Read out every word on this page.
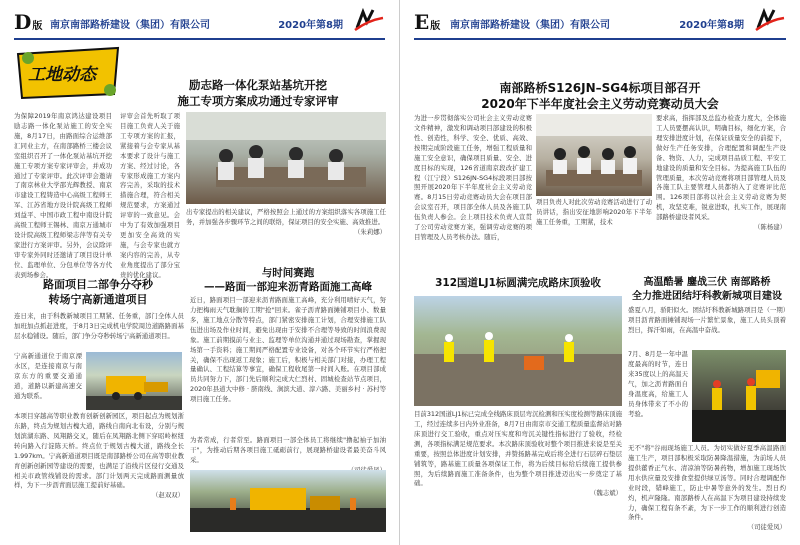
D版 南京南部路桥建设（集团）有限公司	2020年第8期
工地动态	励志路一体化泵站基坑开挖
施工专项方案成功通过专家评审
为保障2019年南京鸿达建设项目励志路一体化泵站施工的安全实施，8月17日，由路面综合运维部汇同业主方，在南部路桥三楼会议室组织召开了一体化泵站基坑开挖施工专项方案专家评审会，并成功通过了专家评审。此次评审会邀请了南京林业大学邵光辉教授、南京市建设工程铸造中心高级工程师王军、江苏省地方设计院高级工程师刘益平、中国市政工程中南设计院高级工程师王锡林、南京万通城市设计院高级工程师梁志萍等有关专家进行方案评审。另外，会议除评审专家外同时还邀请了项目设计单位、监理单位、分包单位等各方代表到场参会。
评审会首先听取了项目施工负责人关于施工专项方案的汇报，紧接着与会专家从基本要求了设计与施工方案、经过讨论，各专家形成施工方案内容完善，采取的技术措施合理，符合相关规范要求，方案通过评审的一致意见。会中为了有效加强项目更加安全高效的实施，与会专家也就方案内容的完善，从专业角度提出了部分宝贵的优化建议。
出专家提出的相关建议，严格按照会上通过的方案组织落实各项施工任务，并加强各步骤环节之间的联络，保证项目的安全实施、高效推进。
（朱莉娜）
路面项目二部争分夺秒
转场宁高新通道项目
连日来，由于科教新城项目工期紧、任务重，部门全体人员加班加点抓赶进度，于8月3日完成机电学院周边道路路面基层水稳铺设。随后，部门争分夺秒转场宁高新通道项目。
宁高新通道位于南京溧水区，是连接南京与南京东方的重要交通通道，道路以新建高速交通为联系。
本项目穿越高等职业教育创新创新园区，项目起点为规划浙东路，终点为规划古槐大道，路线自南向北布设，分别与规划滨湖东路、凤翔路交叉，随后在凤翔路北侧下穿昭岭枢纽转向路入行淀陈天桥。终点位于规划古槐大道，路线全长 1.997km。宁高新通道项目既是南部路桥公司在高等职业教育创新创新园等建设的需要，也满足了沿线片区侵行交通及相关市政管线铺设的需求。部门计划两天完成路面测量放样，为下一步沥青面层施工提前好基础。
（赵双双）
与时间赛跑
——路面一部迎来沥青路面施工高峰
近日，路面项目一部迎来沥青路面施工高峰，充分利用晴好天气，努力把梅雨天气耽搁的工期"抢"回来。雀子沥青路面摊铺项目小、数量多，施工地点分散等特点，部门紧密安排施工计划，合理安排施工队伍进出场及作业时间，避免出现由于安排不合理等导致的时间浪费现象。施工前期摸前与业主、监理等单位沟通并通过现场勘查，掌握现场第一手资料；施工期间严格配置专业设备，对各个环节实行严格把关，确保不出现返工现象；施工后，积极与相关部门对接，办理工程量确认、工程结算等事宜，确保工程收尾第一时间入账。在项目部成员共同努力下，部门先后顺利完成大仁烈村、固城检查站节点项目，2020年县道大中修 · 脐南线、涧滨大道、淳六路、美丽乡村 · 苏村等项目施工任务。
为者常成，行者常至。路面项目一部全体员工将继续"撸起袖子加油干"，为推动后期各项目施工砥砺前行，展现路桥建设者最美奋斗风采。
E版 南京南部路桥建设（集团）有限公司	2020年第8期
南部路桥S126JN–SG4标项目部召开
2020年下半年度社会主义劳动竞赛动员大会
为进一步贯彻落实公司社会主义劳动竞赛文件精神，激发和调动项目部建设的积极性、创造性，科学、安全、优质、高效、按期完成阶段施工任务，增强工程质量和施工安全意识，确保项目质量、安全、进度目标的实现，126省道南京段改扩建工程（江宁段）S126JN-SG4标段项目部按照开展2020年下半年度社会主义劳动竞赛。8月15日劳动竞赛动员大会在项目部会议室召开，项目部全体人员及各施工队伍负责人参会。会上项目技术负责人宣贯了公司劳动竞赛方案，强调劳动竞赛的项目管理及人员考核办法。随后，
项目负责人对此次劳动竞赛活动进行了动员讲话，指出安征地影响2020年下半年施工任务重，工期紧，技术
要求高，指挥部及总监办检查力度大，全体施工人员要摆高认识，明确目标，细化方案，合理安排进度计划，在保证质量安全的前提下，做好生产任务安排，合理配置和调配生产设备、物资、人力，完成项目品质工程、平安工地建设的质量和安全目标。为提高施工队伍的管理质量，本次劳动竞赛将项目部管理人员及各施工队主要管理人员都纳入了竞赛评比范围。126项目部将以社会主义劳动竞赛为契机，攻坚克难，锐意进取，扎实工作，展现南部路桥建设者风采。
（陈杨建）
312国道LJ1标圆满完成路床顶验收
目前312国道LJ1标已完成全线路床顶层弯沉检测和压实度检测等路床顶施工，经过连续多日内外业准备，8月7日由南京市交通工程质量监督站对路床顶进行交工验收，重点对压实度和弯沉关键性指标进行了验收，经检测，各项指标满足规范要求。本次路床顶验收对整个项目推进来说是至关重要，按照总体进度计划安排，并赞扬路基完成后将全进行石层碎石垫层铺筑等，路基施工质量各项保证工作，将为后续目标给后续施工提供参照，为后续路面施工准备条件，也为整个项目推进迈出实一步奠定了基础。
（魏志斌）
高温酷暑 鏖战三伏 南部路桥
全力推进团结圩科教新城项目建设
盛夏八月，骄阳似火。团结圩科教新城路项目是（一期）项目沥青路面摊铺现场一片繁忙景象，施工人员头顶着烈日，挥汗如雨，在高温中奋战。
7月、8月是一年中温度最高的时节，连日来35度以上的高温天气，加之沥青路面自身温度高，给施工人员身体带来了不小的考验。
无不"将"谷雨现场施工人员。为切实做好夏季高温路面施工生产，项目部积极采取防暑降温措施，为前场人员提供藿香正气水、清凉油等防暑药物，增加施工现场饮用水供应量及安排食堂提供绿豆汤等。同时合理调配作业时段，错峰施工，防止中暑等意外的发生。烈日灼灼，机声隆隆。南部路桥人在高温下为项目建设持续发力，确保工程有条不紊，为下一步工作的顺利进行创造条件。
（司徒爱凤）
